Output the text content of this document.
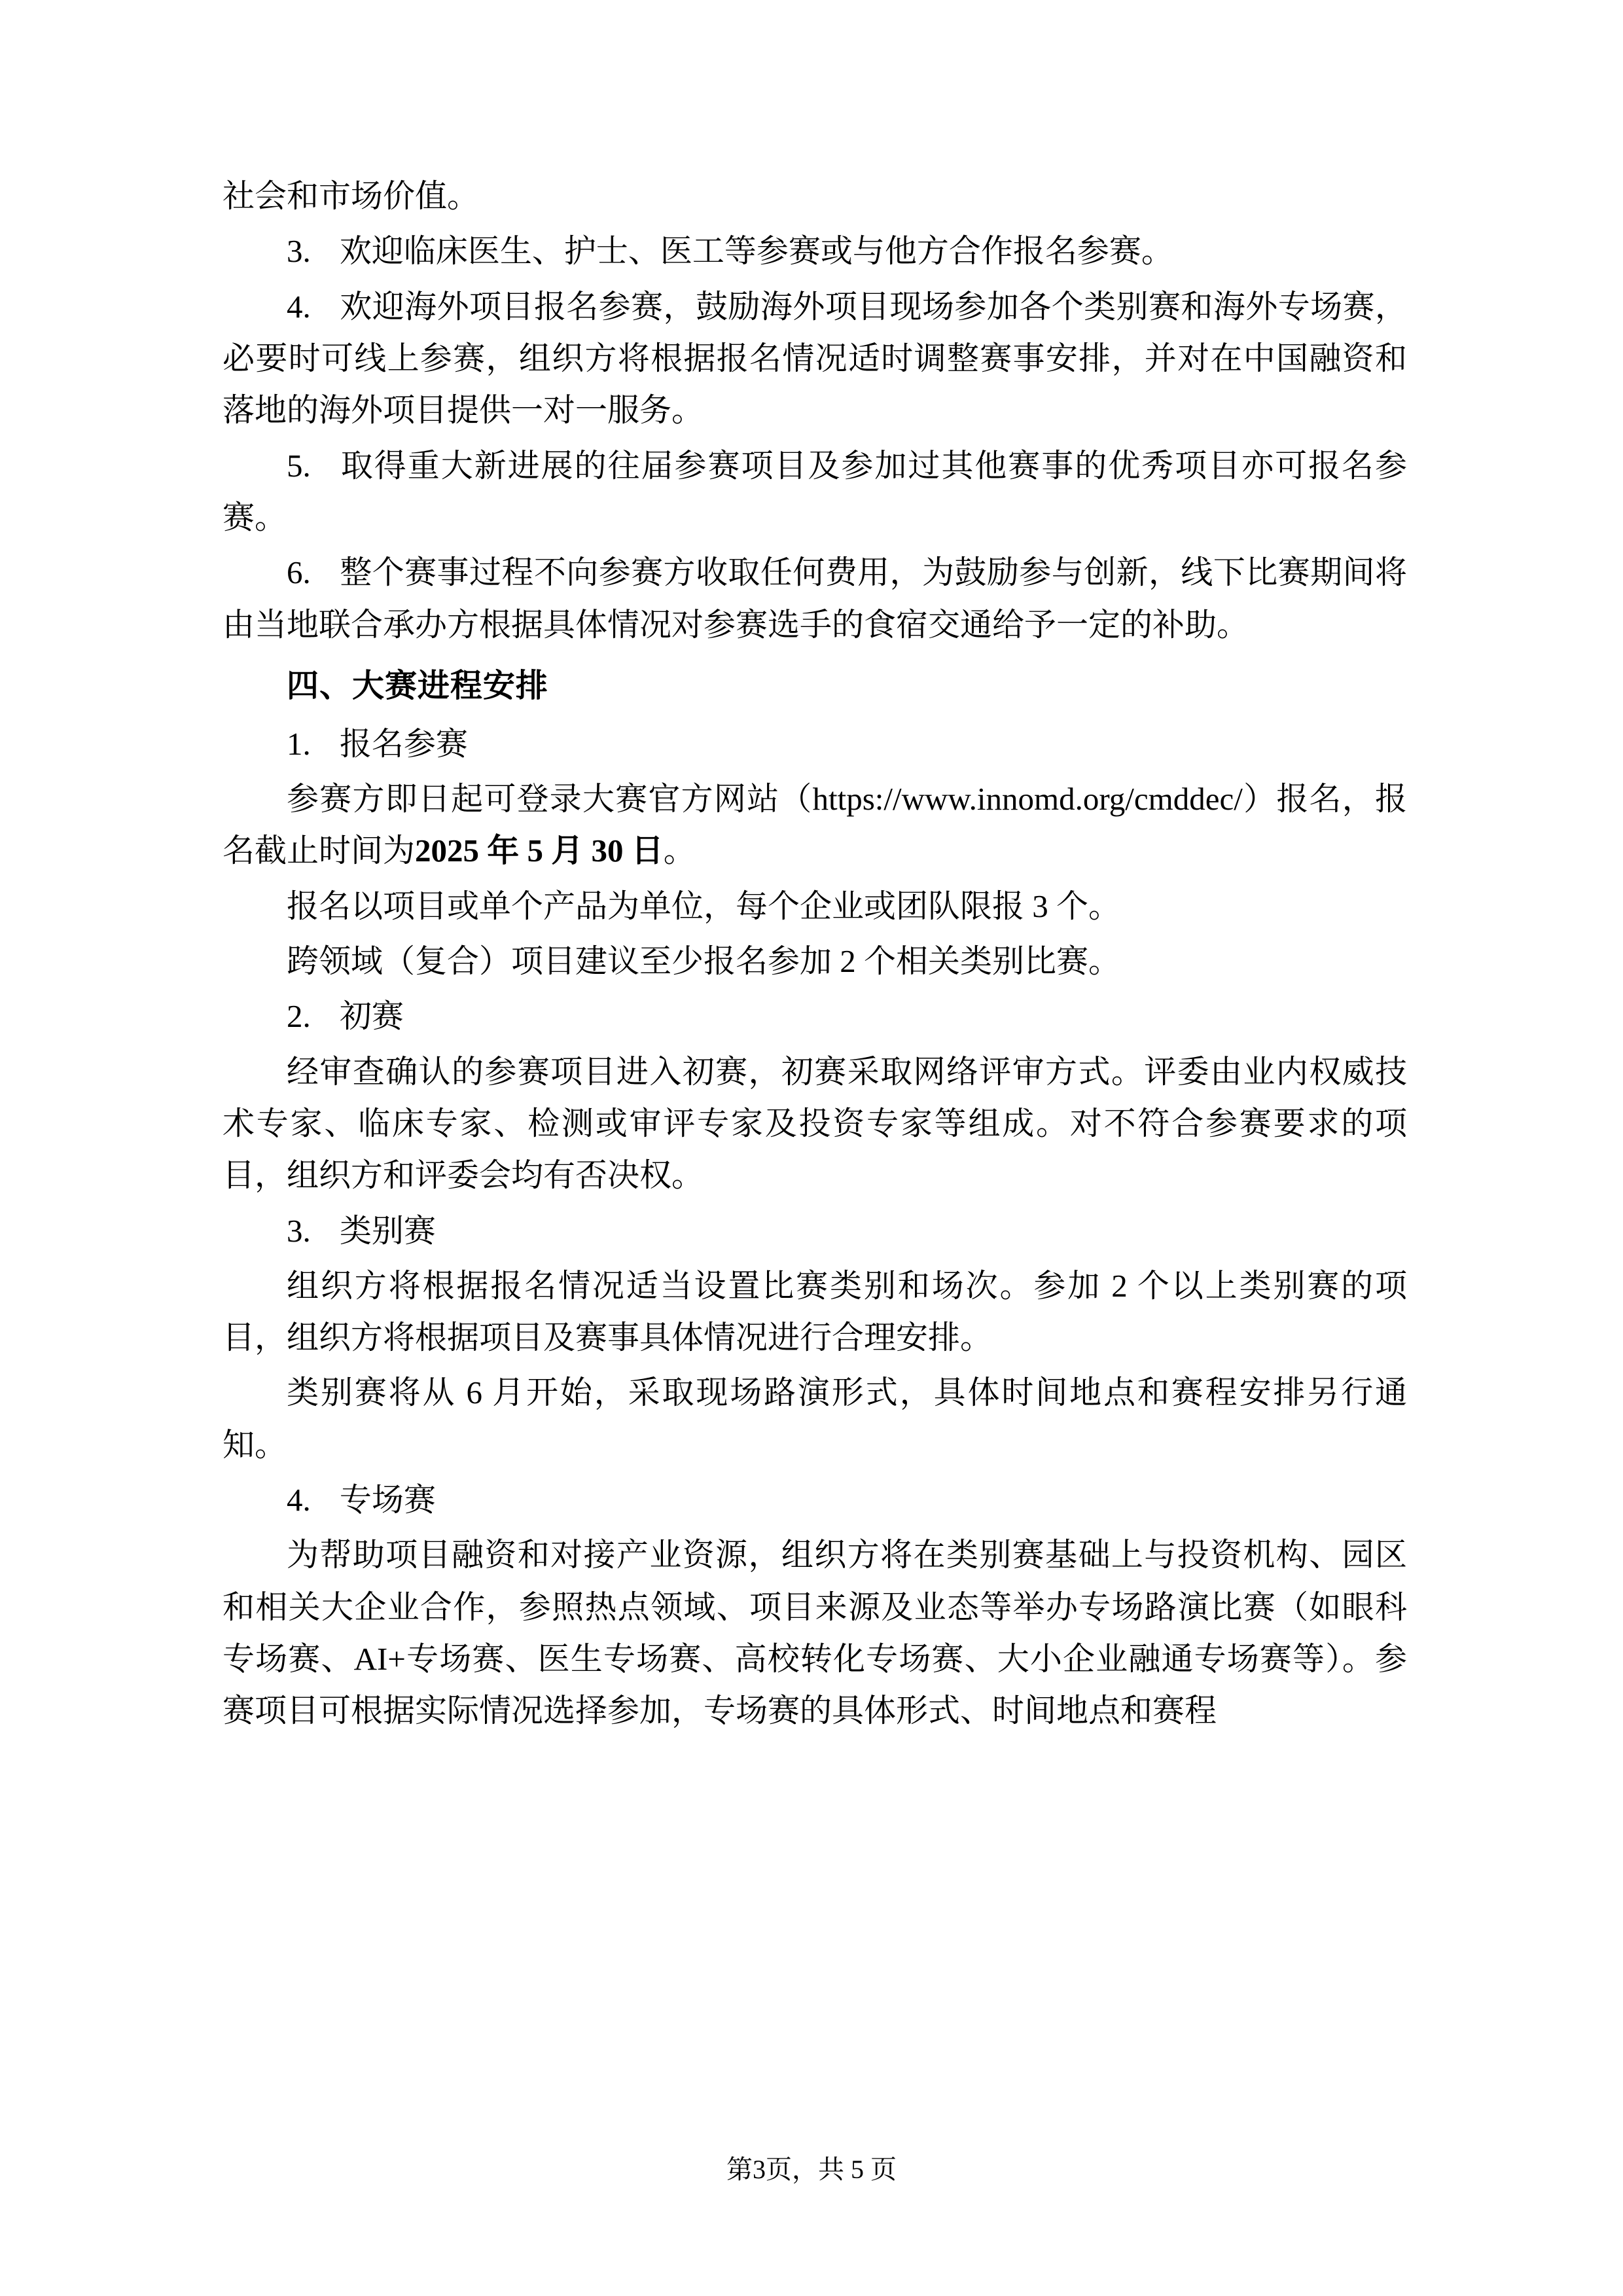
社会和市场价值。

3. 欢迎临床医生、护士、医工等参赛或与他方合作报名参赛。

4. 欢迎海外项目报名参赛，鼓励海外项目现场参加各个类别赛和海外专场赛，必要时可线上参赛，组织方将根据报名情况适时调整赛事安排，并对在中国融资和落地的海外项目提供一对一服务。

5. 取得重大新进展的往届参赛项目及参加过其他赛事的优秀项目亦可报名参赛。

6. 整个赛事过程不向参赛方收取任何费用，为鼓励参与创新，线下比赛期间将由当地联合承办方根据具体情况对参赛选手的食宿交通给予一定的补助。

四、大赛进程安排

1. 报名参赛

参赛方即日起可登录大赛官方网站（https://www.innomd.org/cmddec/）报名，报名截止时间为2025 年 5 月 30 日。

报名以项目或单个产品为单位，每个企业或团队限报 3 个。

跨领域（复合）项目建议至少报名参加 2 个相关类别比赛。

2. 初赛

经审查确认的参赛项目进入初赛，初赛采取网络评审方式。评委由业内权威技术专家、临床专家、检测或审评专家及投资专家等组成。对不符合参赛要求的项目，组织方和评委会均有否决权。

3. 类别赛

组织方将根据报名情况适当设置比赛类别和场次。参加 2 个以上类别赛的项目，组织方将根据项目及赛事具体情况进行合理安排。

类别赛将从 6 月开始，采取现场路演形式，具体时间地点和赛程安排另行通知。

4. 专场赛

为帮助项目融资和对接产业资源，组织方将在类别赛基础上与投资机构、园区和相关大企业合作，参照热点领域、项目来源及业态等举办专场路演比赛（如眼科专场赛、AI+专场赛、医生专场赛、高校转化专场赛、大小企业融通专场赛等）。参赛项目可根据实际情况选择参加，专场赛的具体形式、时间地点和赛程

第3页，共 5 页
